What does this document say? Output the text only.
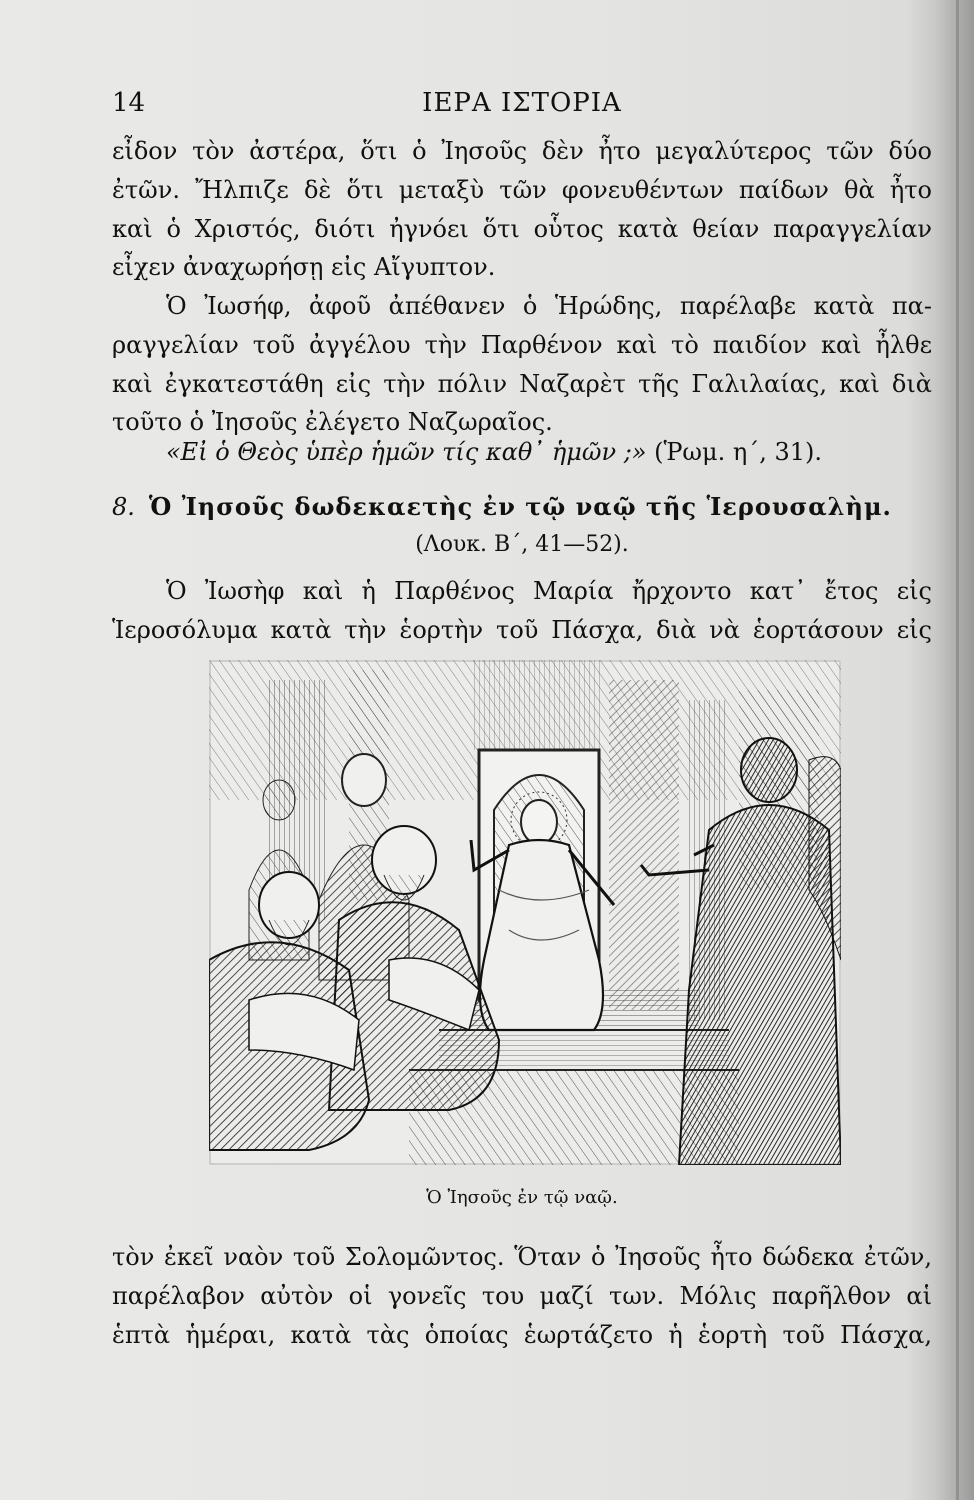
14	ΙΕΡΑ ΙΣΤΟΡΙΑ
εἶδον τὸν ἀστέρα, ὅτι ὁ Ἰησοῦς δὲν ἦτο μεγαλύτερος τῶν δύο
ἐτῶν. Ἤλπιζε δὲ ὅτι μεταξὺ τῶν φονευθέντων παίδων θὰ ἦτο
καὶ ὁ Χριστός, διότι ἠγνόει ὅτι οὗτος κατὰ θείαν παραγγελίαν
εἶχεν ἀναχωρήσῃ εἰς Αἴγυπτον.
Ὁ Ἰωσήφ, ἀφοῦ ἀπέθανεν ὁ Ἡρώδης, παρέλαβε κατὰ πα-
ραγγελίαν τοῦ ἀγγέλου τὴν Παρθένον καὶ τὸ παιδίον καὶ ἦλθε
καὶ ἐγκατεστάθη εἰς τὴν πόλιν Ναζαρὲτ τῆς Γαλιλαίας, καὶ διὰ
τοῦτο ὁ Ἰησοῦς ἐλέγετο Ναζωραῖος.
«Εἰ ὁ Θεὸς ὑπὲρ ἡμῶν τίς καθ᾽ ἡμῶν ;» (Ῥωμ. η΄, 31).
8. Ὁ Ἰησοῦς δωδεκαετὴς ἐν τῷ ναῷ τῆς Ἱερουσαλὴμ.
(Λουκ. Β΄, 41—52).
Ὁ Ἰωσὴφ καὶ ἡ Παρθένος Μαρία ἤρχοντο κατ᾽ ἔτος εἰς
Ἱεροσόλυμα κατὰ τὴν ἑορτὴν τοῦ Πάσχα, διὰ νὰ ἑορτάσουν εἰς
Ὁ Ἰησοῦς ἐν τῷ ναῷ.
τὸν ἐκεῖ ναὸν τοῦ Σολομῶντος. Ὅταν ὁ Ἰησοῦς ἦτο δώδεκα ἐτῶν,
παρέλαβον αὐτὸν οἱ γονεῖς του μαζί των. Μόλις παρῆλθον αἱ
ἑπτὰ ἡμέραι, κατὰ τὰς ὁποίας ἑωρτάζετο ἡ ἑορτὴ τοῦ Πάσχα,
